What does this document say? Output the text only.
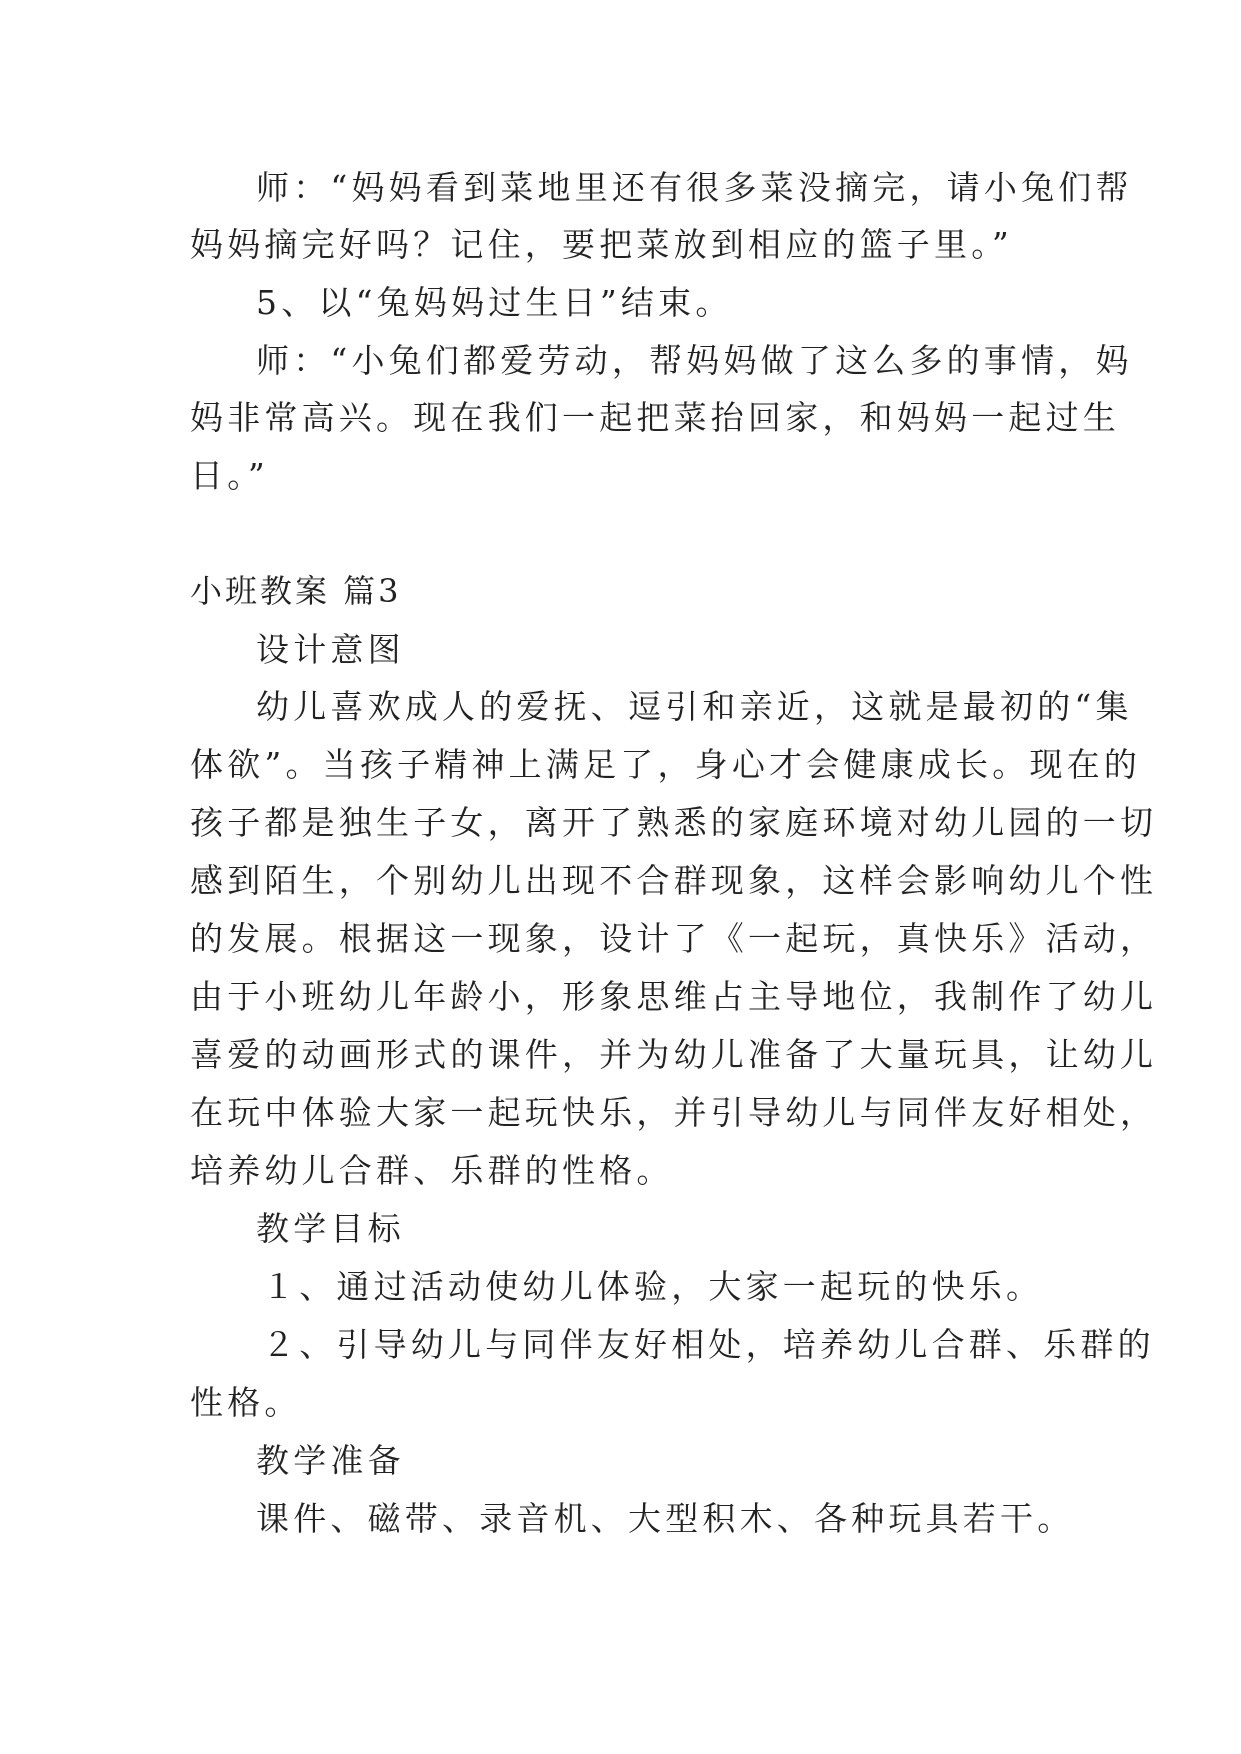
师：“妈妈看到菜地里还有很多菜没摘完，请小兔们帮
妈妈摘完好吗？记住，要把菜放到相应的篮子里。”
5、以“兔妈妈过生日”结束。
师：“小兔们都爱劳动，帮妈妈做了这么多的事情，妈
妈非常高兴。现在我们一起把菜抬回家，和妈妈一起过生
日。”
小班教案 篇3
设计意图
幼儿喜欢成人的爱抚、逗引和亲近，这就是最初的“集
体欲”。当孩子精神上满足了，身心才会健康成长。现在的
孩子都是独生子女，离开了熟悉的家庭环境对幼儿园的一切
感到陌生，个别幼儿出现不合群现象，这样会影响幼儿个性
的发展。根据这一现象，设计了《一起玩，真快乐》活动，
由于小班幼儿年龄小，形象思维占主导地位，我制作了幼儿
喜爱的动画形式的课件，并为幼儿准备了大量玩具，让幼儿
在玩中体验大家一起玩快乐，并引导幼儿与同伴友好相处，
培养幼儿合群、乐群的性格。
教学目标
１、通过活动使幼儿体验，大家一起玩的快乐。
２、引导幼儿与同伴友好相处，培养幼儿合群、乐群的
性格。
教学准备
课件、磁带、录音机、大型积木、各种玩具若干。
